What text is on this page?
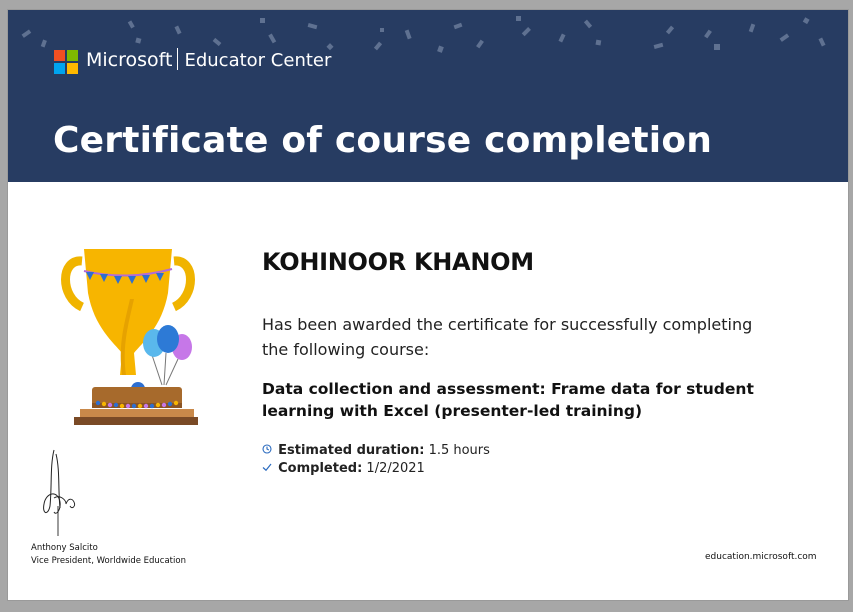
Microsoft Educator Center
Certificate of course completion
KOHINOOR KHANOM
Has been awarded the certificate for successfully completing the following course:
Data collection and assessment: Frame data for student learning with Excel (presenter-led training)
Estimated duration: 1.5 hours
Completed: 1/2/2021
Anthony Salcito
Vice President, Worldwide Education	education.microsoft.com
